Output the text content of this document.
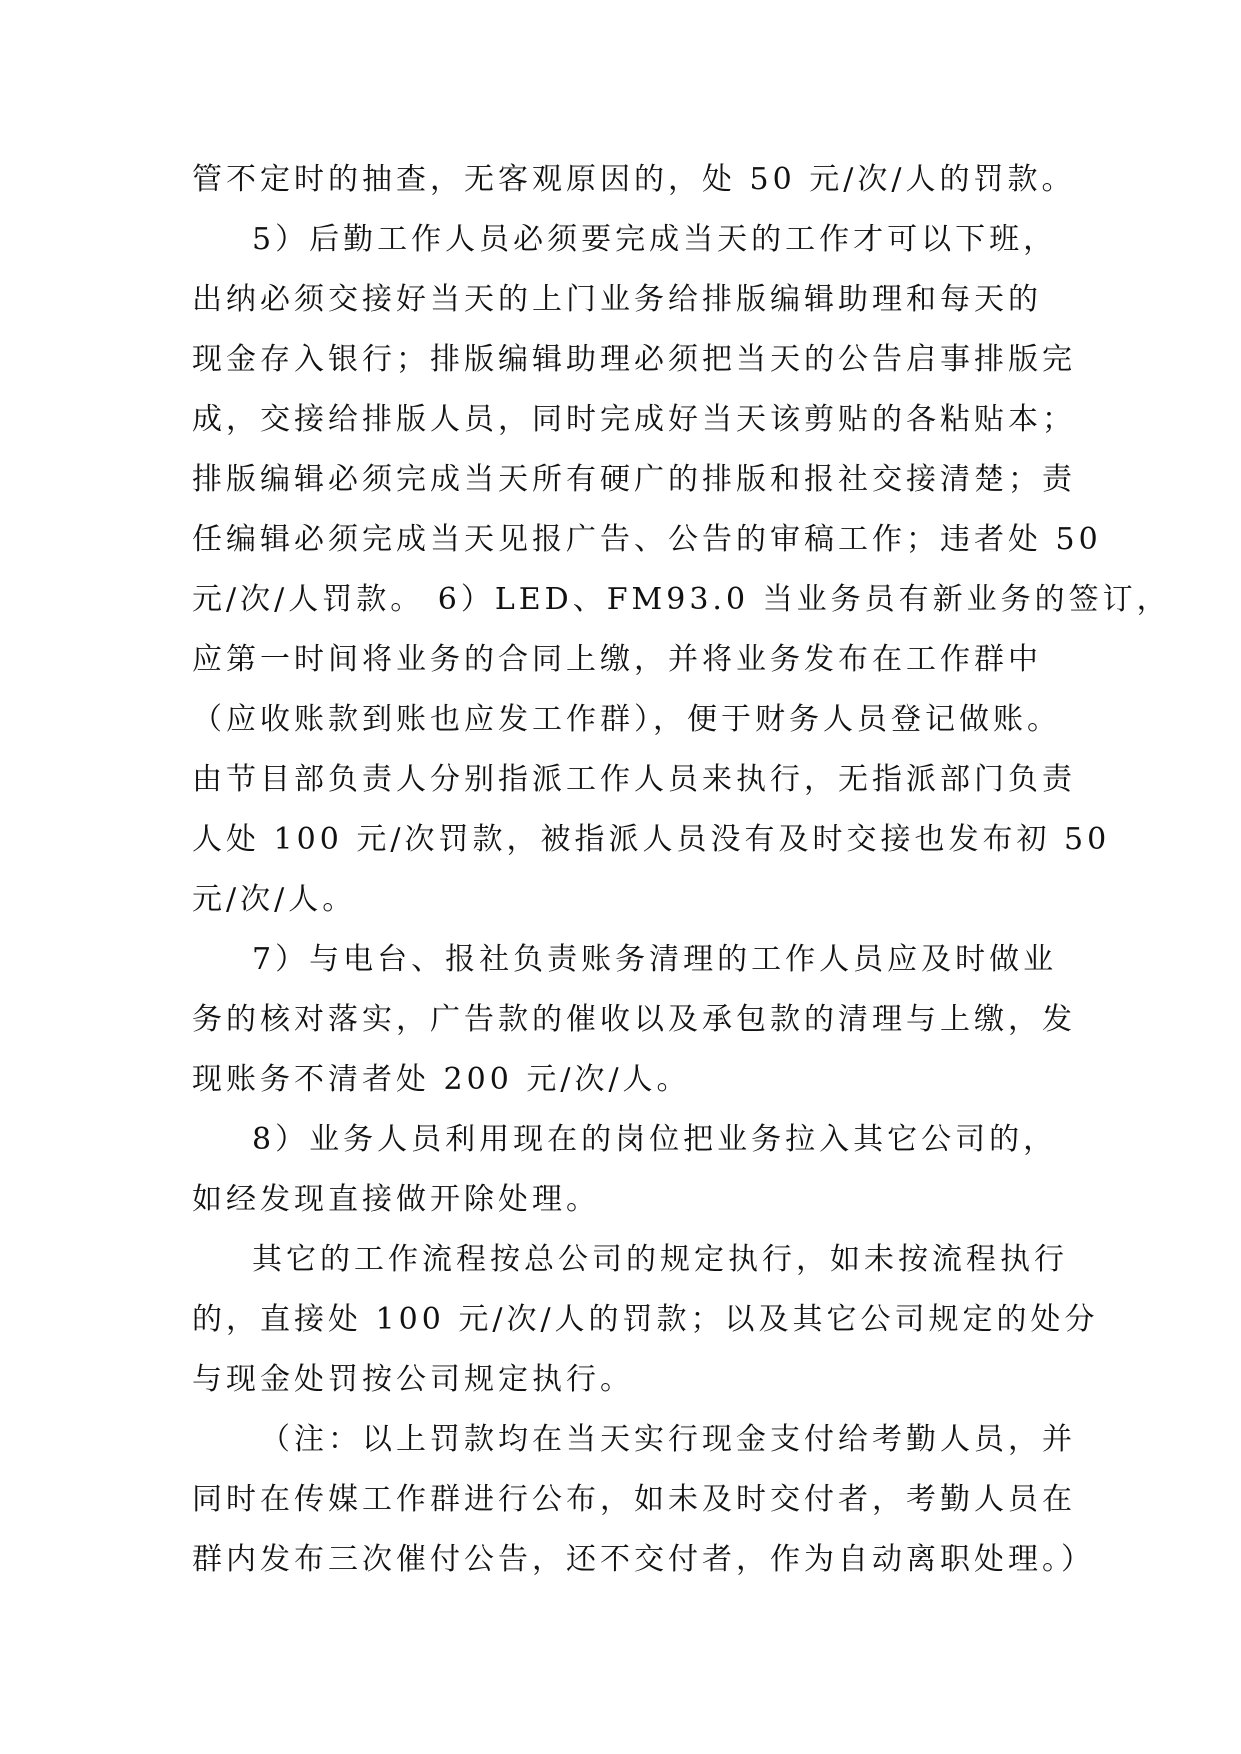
管不定时的抽查，无客观原因的，处 50 元/次/人的罚款。
5）后勤工作人员必须要完成当天的工作才可以下班，
出纳必须交接好当天的上门业务给排版编辑助理和每天的
现金存入银行；排版编辑助理必须把当天的公告启事排版完
成，交接给排版人员，同时完成好当天该剪贴的各粘贴本；
排版编辑必须完成当天所有硬广的排版和报社交接清楚；责
任编辑必须完成当天见报广告、公告的审稿工作；违者处 50
元/次/人罚款。 6）LED、FM93.0 当业务员有新业务的签订，
应第一时间将业务的合同上缴，并将业务发布在工作群中
（应收账款到账也应发工作群），便于财务人员登记做账。
由节目部负责人分别指派工作人员来执行，无指派部门负责
人处 100 元/次罚款，被指派人员没有及时交接也发布初 50
元/次/人。
7）与电台、报社负责账务清理的工作人员应及时做业
务的核对落实，广告款的催收以及承包款的清理与上缴，发
现账务不清者处 200 元/次/人。
8）业务人员利用现在的岗位把业务拉入其它公司的，
如经发现直接做开除处理。
其它的工作流程按总公司的规定执行，如未按流程执行
的，直接处 100 元/次/人的罚款；以及其它公司规定的处分
与现金处罚按公司规定执行。
（注：以上罚款均在当天实行现金支付给考勤人员，并
同时在传媒工作群进行公布，如未及时交付者，考勤人员在
群内发布三次催付公告，还不交付者，作为自动离职处理。）
